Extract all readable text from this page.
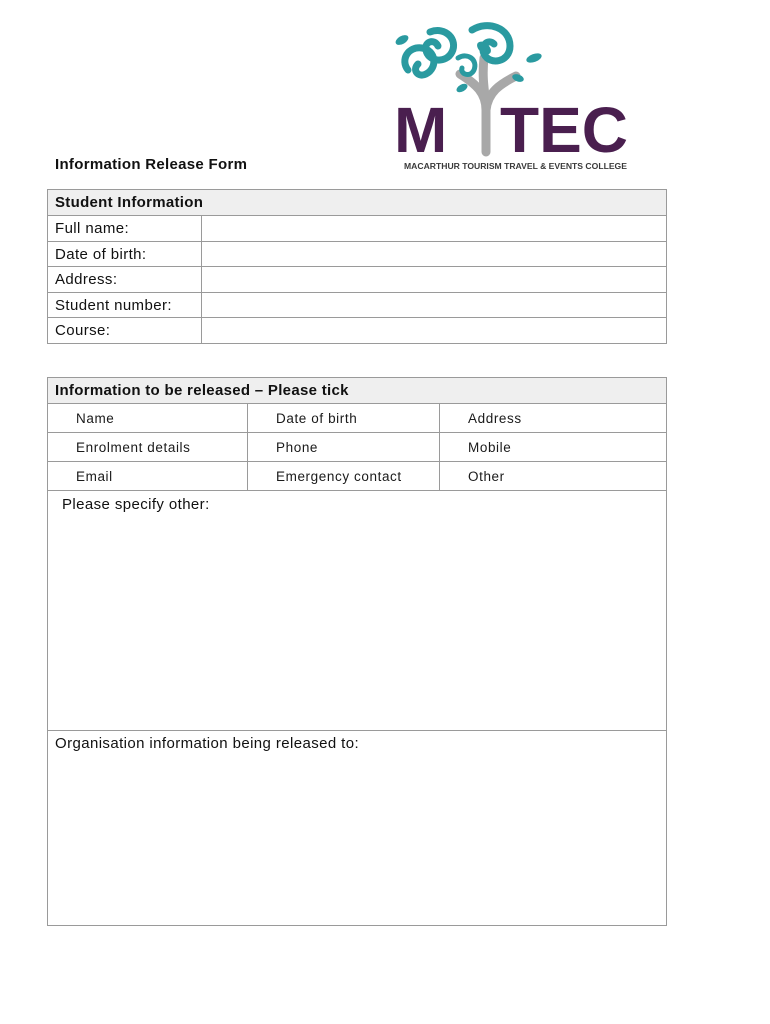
M TEC
MACARTHUR TOURISM TRAVEL & EVENTS COLLEGE
Information Release Form
Student Information
Full name:
Date of birth:
Address:
Student number:
Course:
Information to be released – Please tick
Name	Date of birth	Address
Enrolment details	Phone	Mobile
Email	Emergency contact	Other
Please specify other:
Organisation information being released to:
